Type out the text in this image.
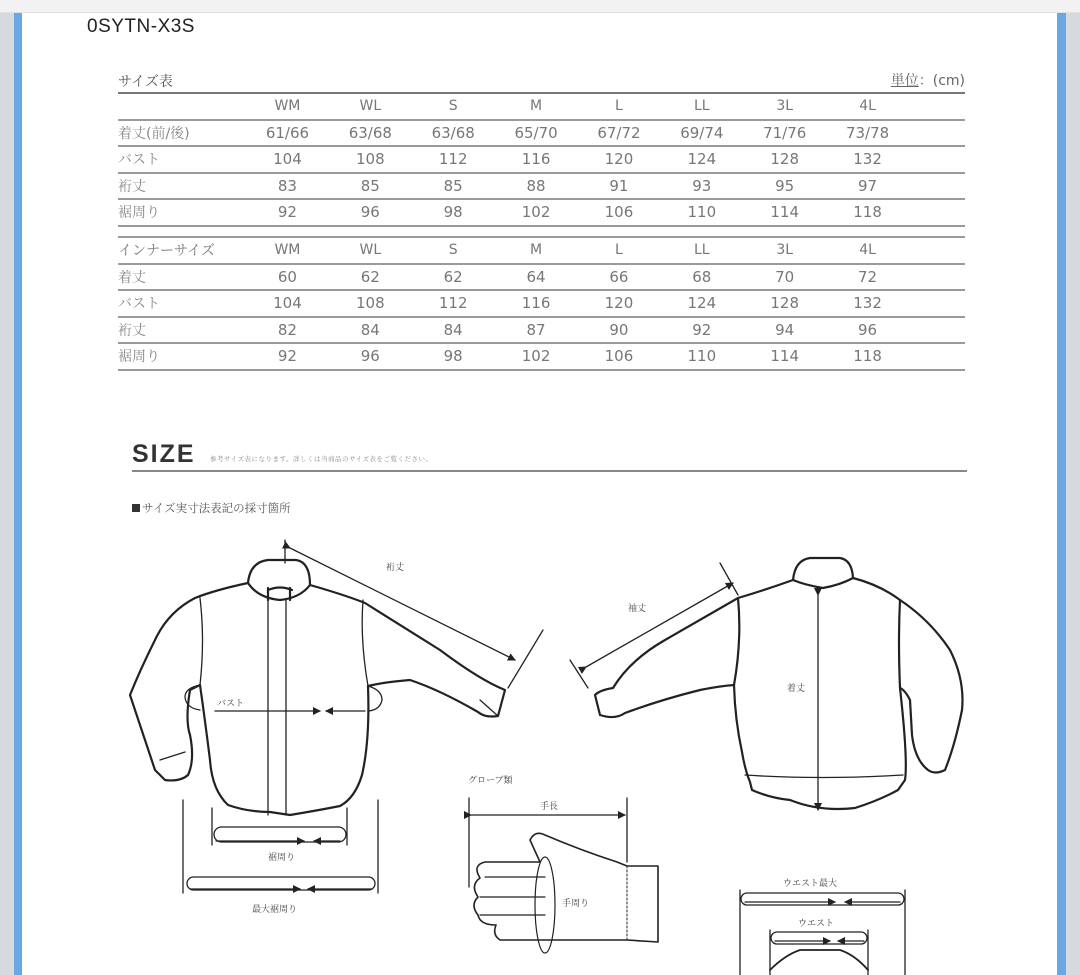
0SYTN-X3S
サイズ表	単位：(cm)
	WM	WL	S	M	L	LL	3L	4L	
着丈(前/後)	61/66	63/68	63/68	65/70	67/72	69/74	71/76	73/78	
バスト	104	108	112	116	120	124	128	132	
裄丈	83	85	85	88	91	93	95	97	
裾周り	92	96	98	102	106	110	114	118	
インナーサイズ	WM	WL	S	M	L	LL	3L	4L	
着丈	60	62	62	64	66	68	70	72	
バスト	104	108	112	116	120	124	128	132	
裄丈	82	84	84	87	90	92	94	96	
裾周り	92	96	98	102	106	110	114	118	
SIZE 参考サイズ表になります。詳しくは当商品のサイズ表をご覧ください。
サイズ実寸法表記の採寸箇所
裄丈
バスト
袖丈
着丈
裾周り
最大裾周り
グローブ類
手長
手周り
ウエスト最大
ウエスト
